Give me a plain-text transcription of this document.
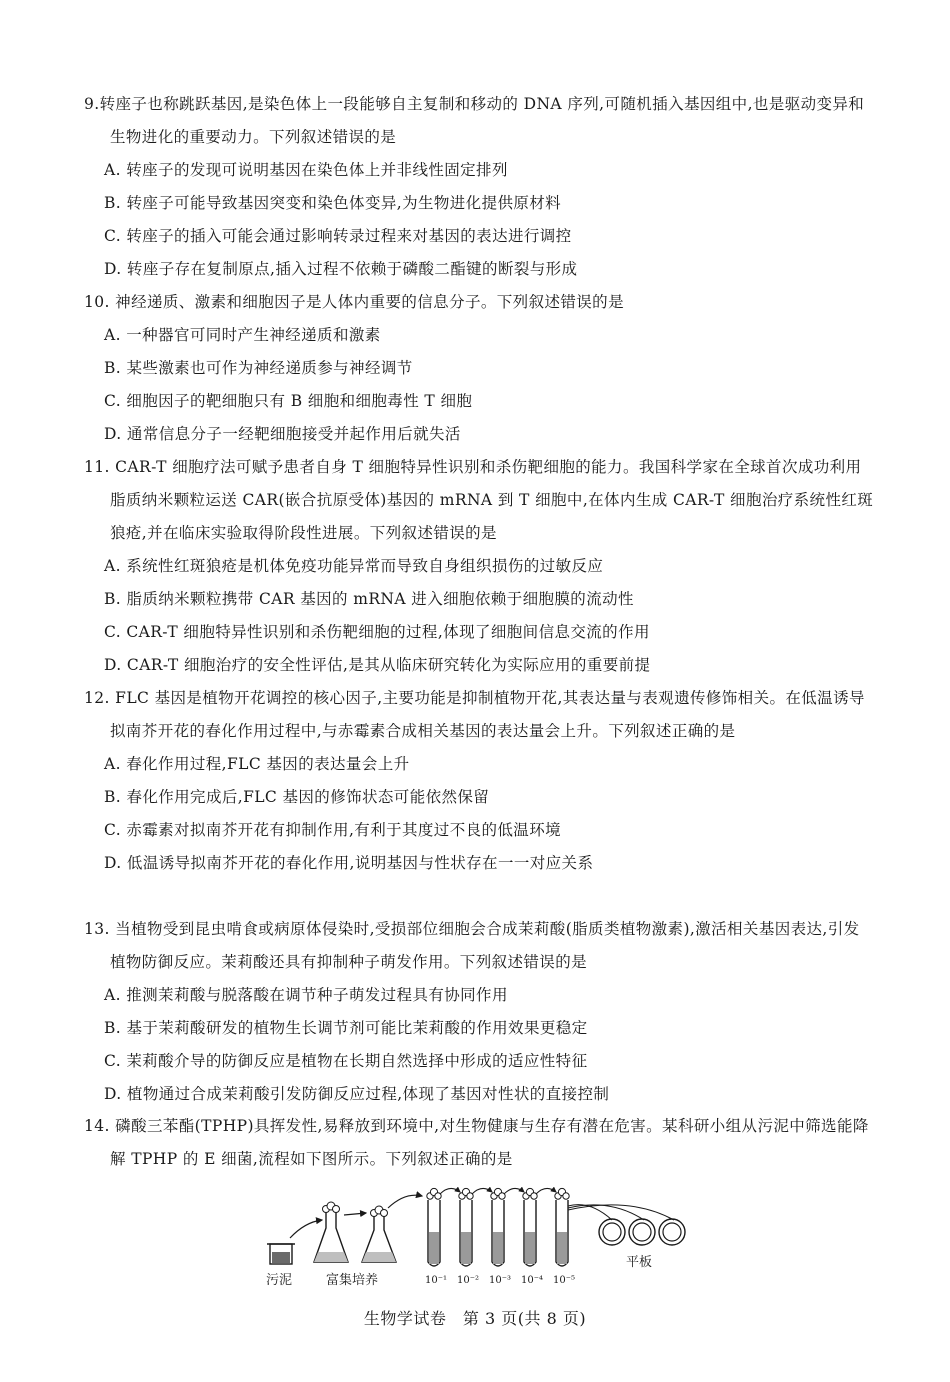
9.转座子也称跳跃基因,是染色体上一段能够自主复制和移动的 DNA 序列,可随机插入基因组中,也是驱动变异和生物进化的重要动力。下列叙述错误的是
A. 转座子的发现可说明基因在染色体上并非线性固定排列
B. 转座子可能导致基因突变和染色体变异,为生物进化提供原材料
C. 转座子的插入可能会通过影响转录过程来对基因的表达进行调控
D. 转座子存在复制原点,插入过程不依赖于磷酸二酯键的断裂与形成
10. 神经递质、激素和细胞因子是人体内重要的信息分子。下列叙述错误的是
A. 一种器官可同时产生神经递质和激素
B. 某些激素也可作为神经递质参与神经调节
C. 细胞因子的靶细胞只有 B 细胞和细胞毒性 T 细胞
D. 通常信息分子一经靶细胞接受并起作用后就失活
11. CAR-T 细胞疗法可赋予患者自身 T 细胞特异性识别和杀伤靶细胞的能力。我国科学家在全球首次成功利用脂质纳米颗粒运送 CAR(嵌合抗原受体)基因的 mRNA 到 T 细胞中,在体内生成 CAR-T 细胞治疗系统性红斑狼疮,并在临床实验取得阶段性进展。下列叙述错误的是
A. 系统性红斑狼疮是机体免疫功能异常而导致自身组织损伤的过敏反应
B. 脂质纳米颗粒携带 CAR 基因的 mRNA 进入细胞依赖于细胞膜的流动性
C. CAR-T 细胞特异性识别和杀伤靶细胞的过程,体现了细胞间信息交流的作用
D. CAR-T 细胞治疗的安全性评估,是其从临床研究转化为实际应用的重要前提
12. FLC 基因是植物开花调控的核心因子,主要功能是抑制植物开花,其表达量与表观遗传修饰相关。在低温诱导拟南芥开花的春化作用过程中,与赤霉素合成相关基因的表达量会上升。下列叙述正确的是
A. 春化作用过程,FLC 基因的表达量会上升
B. 春化作用完成后,FLC 基因的修饰状态可能依然保留
C. 赤霉素对拟南芥开花有抑制作用,有利于其度过不良的低温环境
D. 低温诱导拟南芥开花的春化作用,说明基因与性状存在一一对应关系
13. 当植物受到昆虫啃食或病原体侵染时,受损部位细胞会合成茉莉酸(脂质类植物激素),激活相关基因表达,引发植物防御反应。茉莉酸还具有抑制种子萌发作用。下列叙述错误的是
A. 推测茉莉酸与脱落酸在调节种子萌发过程具有协同作用
B. 基于茉莉酸研发的植物生长调节剂可能比茉莉酸的作用效果更稳定
C. 茉莉酸介导的防御反应是植物在长期自然选择中形成的适应性特征
D. 植物通过合成茉莉酸引发防御反应过程,体现了基因对性状的直接控制
14. 磷酸三苯酯(TPHP)具挥发性,易释放到环境中,对生物健康与生存有潜在危害。某科研小组从污泥中筛选能降解 TPHP 的 E 细菌,流程如下图所示。下列叙述正确的是
污泥	富集培养
平板
10⁻¹ 10⁻² 10⁻³ 10⁻⁴ 10⁻⁵
生物学试卷　第 3 页(共 8 页)
